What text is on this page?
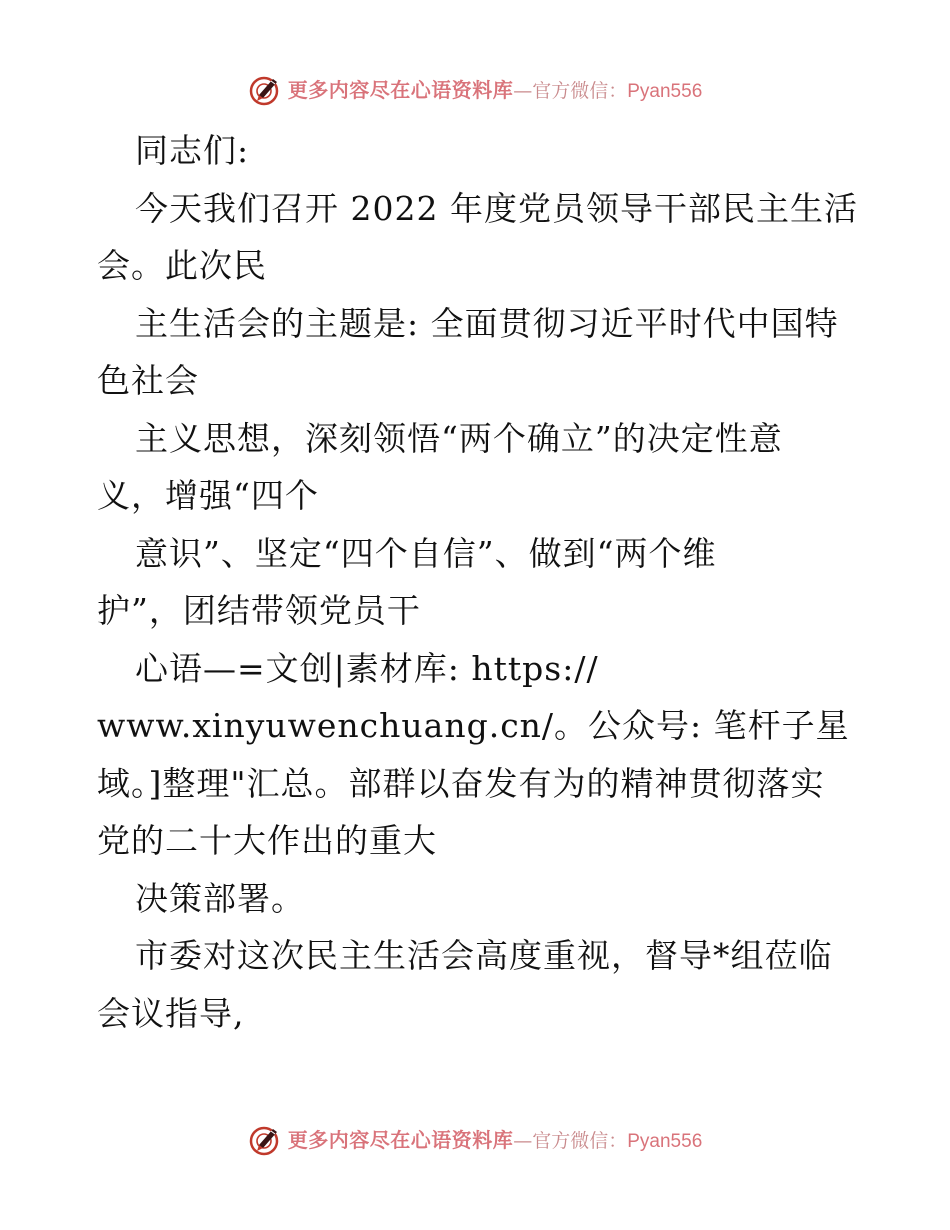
更多内容尽在心语资料库 — 官方微信： Pyan556
同志们:
今天我们召开 2022 年度党员领导干部民主生活
会。此次民
主生活会的主题是: 全面贯彻习近平时代中国特
色社会
主义思想，深刻领悟“两个确立”的决定性意
义，增强“四个
意识”、坚定“四个自信”、做到“两个维
护”，团结带领党员干
心语—=文创|素材库: https://
www.xinyuwenchuang.cn/。公众号: 笔杆子星
域。]整理"汇总。部群以奋发有为的精神贯彻落实
党的二十大作出的重大
决策部署。
市委对这次民主生活会高度重视，督导*组莅临
会议指导,
更多内容尽在心语资料库 — 官方微信： Pyan556
